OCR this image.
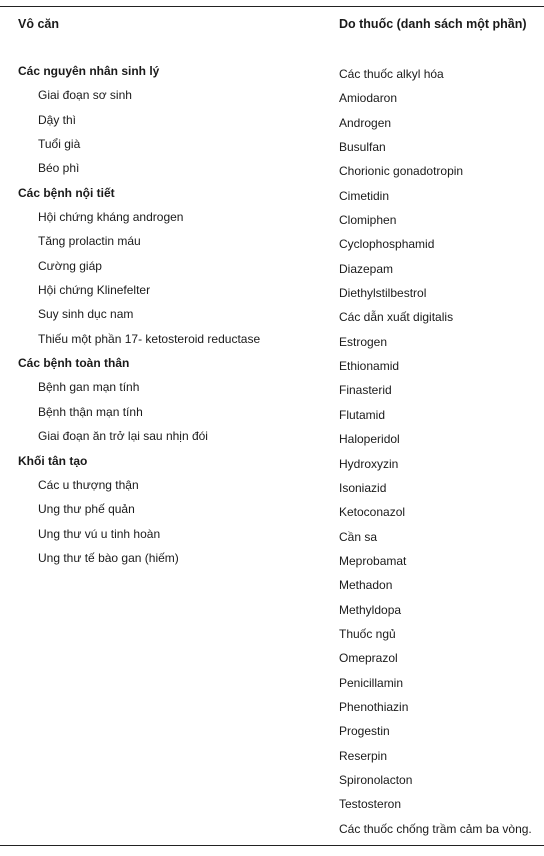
Vô căn
Các nguyên nhân sinh lý
Giai đoạn sơ sinh
Dậy thì
Tuổi già
Béo phì
Các bệnh nội tiết
Hội chứng kháng androgen
Tăng prolactin máu
Cường giáp
Hội chứng Klinefelter
Suy sinh dục nam
Thiếu một phần 17- ketosteroid reductase
Các bệnh toàn thân
Bệnh gan mạn tính
Bệnh thận mạn tính
Giai đoạn ăn trở lại sau nhịn đói
Khối tân tạo
Các u thượng thận
Ung thư phế quản
Ung thư vú u tinh hoàn
Ung thư tế bào gan (hiếm)
Do thuốc (danh sách một phần)
Các thuốc alkyl hóa
Amiodaron
Androgen
Busulfan
Chorionic gonadotropin
Cimetidin
Clomiphen
Cyclophosphamid
Diazepam
Diethylstilbestrol
Các dẫn xuất digitalis
Estrogen
Ethionamid
Finasterid
Flutamid
Haloperidol
Hydroxyzin
Isoniazid
Ketoconazol
Cần sa
Meprobamat
Methadon
Methyldopa
Thuốc ngủ
Omeprazol
Penicillamin
Phenothiazin
Progestin
Reserpin
Spironolacton
Testosteron
Các thuốc chống trầm cảm ba vòng.
